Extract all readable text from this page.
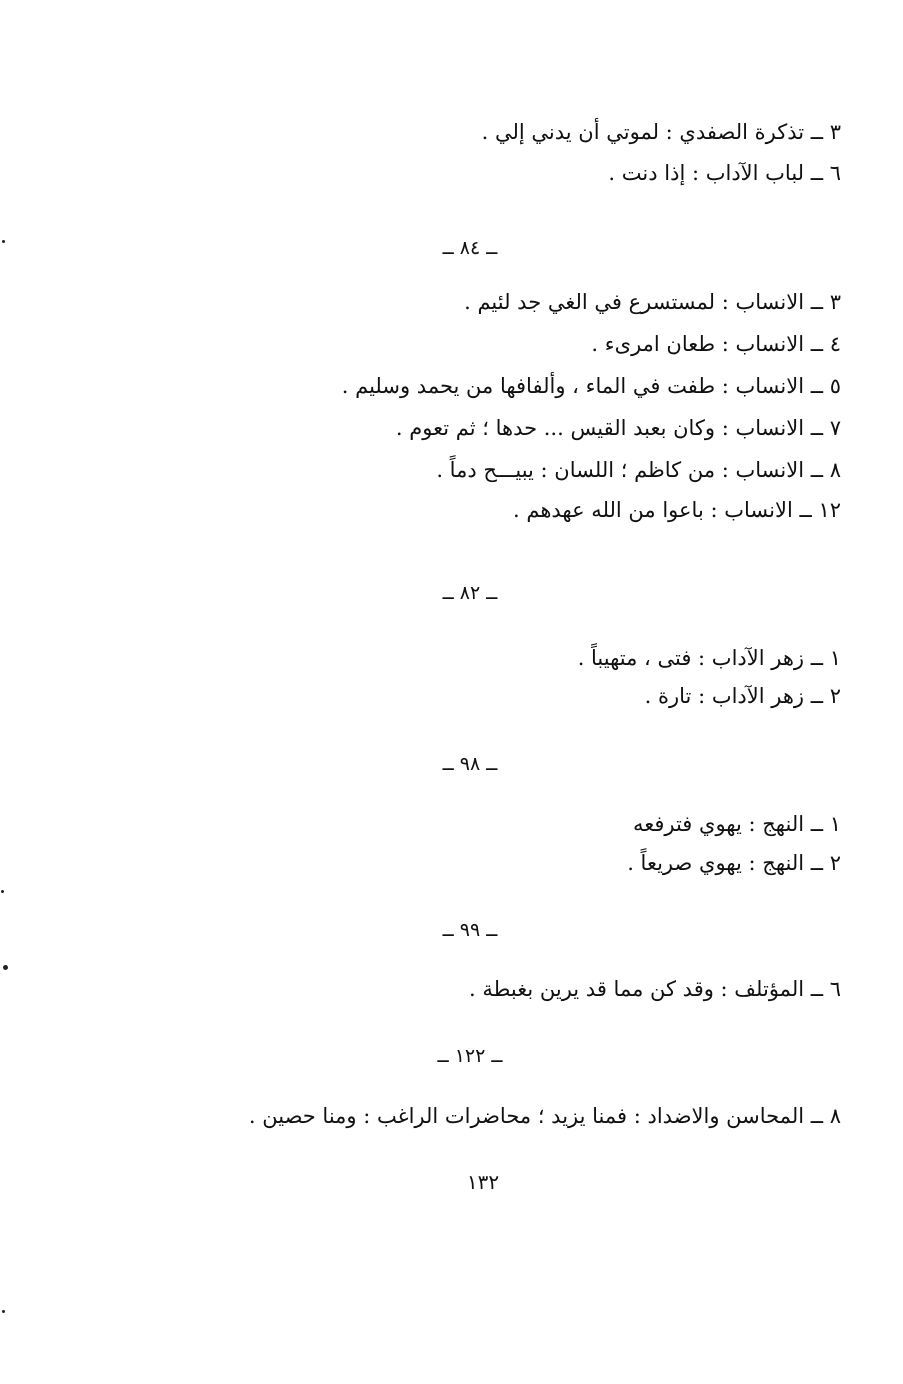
٣ ــ تذكرة الصفدي : لموتي أن يدني إلي .
٦ ــ لباب الآداب : إذا دنت .
ــ ٨٤ ــ
٣ ــ الانساب : لمستسرع في الغي جد لئيم .
٤ ــ الانساب : طعان امرىء .
٥ ــ الانساب : طفت في الماء ، وألفافها من يحمد وسليم .
٧ ــ الانساب : وكان بعبد القيس ... حدها ؛ ثم تعوم .
٨ ــ الانساب : من كاظم ؛ اللسان : يبيـــح دماً .
١٢ ــ الانساب : باعوا من الله عهدهم .
ــ ٨٢ ــ
١ ــ زهر الآداب : فتى ، متهيباً .
٢ ــ زهر الآداب : تارة .
ــ ٩٨ ــ
١ ــ النهج : يهوي فترفعه
٢ ــ النهج : يهوي صريعاً .
ــ ٩٩ ــ
٦ ــ المؤتلف : وقد كن مما قد يرين بغبطة .
ــ ١٢٢ ــ
٨ ــ المحاسن والاضداد : فمنا يزيد ؛ محاضرات الراغب : ومنا حصين .
١٣٢
